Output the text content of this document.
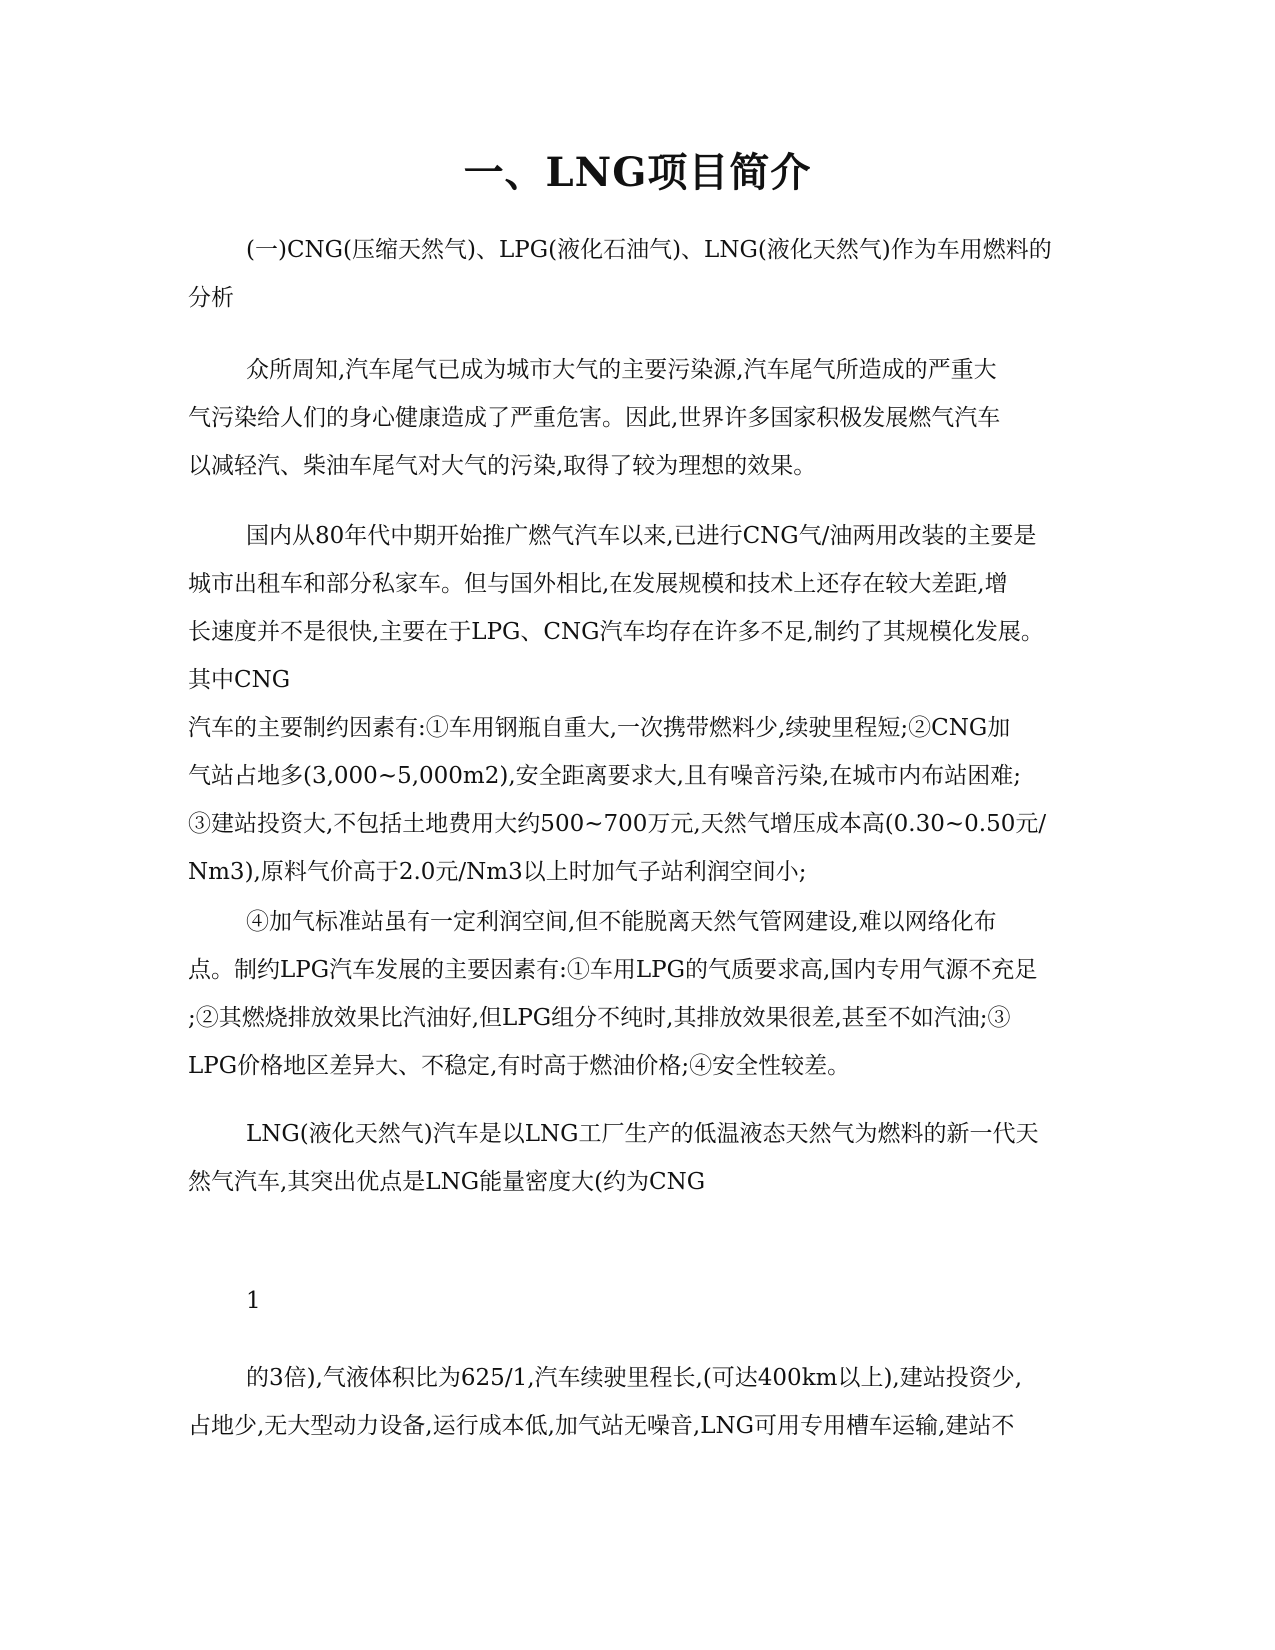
一、LNG项目简介

(一)CNG(压缩天然气)、LPG(液化石油气)、LNG(液化天然气)作为车用燃料的
分析

众所周知,汽车尾气已成为城市大气的主要污染源,汽车尾气所造成的严重大
气污染给人们的身心健康造成了严重危害。因此,世界许多国家积极发展燃气汽车
以减轻汽、柴油车尾气对大气的污染,取得了较为理想的效果。

国内从80年代中期开始推广燃气汽车以来,已进行CNG气/油两用改装的主要是
城市出租车和部分私家车。但与国外相比,在发展规模和技术上还存在较大差距,增
长速度并不是很快,主要在于LPG、CNG汽车均存在许多不足,制约了其规模化发展。
其中CNG
汽车的主要制约因素有:①车用钢瓶自重大,一次携带燃料少,续驶里程短;②CNG加
气站占地多(3,000~5,000m2),安全距离要求大,且有噪音污染,在城市内布站困难;
③建站投资大,不包括土地费用大约500~700万元,天然气增压成本高(0.30~0.50元/
Nm3),原料气价高于2.0元/Nm3以上时加气子站利润空间小;

④加气标准站虽有一定利润空间,但不能脱离天然气管网建设,难以网络化布
点。制约LPG汽车发展的主要因素有:①车用LPG的气质要求高,国内专用气源不充足
;②其燃烧排放效果比汽油好,但LPG组分不纯时,其排放效果很差,甚至不如汽油;③
LPG价格地区差异大、不稳定,有时高于燃油价格;④安全性较差。

LNG(液化天然气)汽车是以LNG工厂生产的低温液态天然气为燃料的新一代天
然气汽车,其突出优点是LNG能量密度大(约为CNG

1

的3倍),气液体积比为625/1,汽车续驶里程长,(可达400km以上),建站投资少,
占地少,无大型动力设备,运行成本低,加气站无噪音,LNG可用专用槽车运输,建站不
